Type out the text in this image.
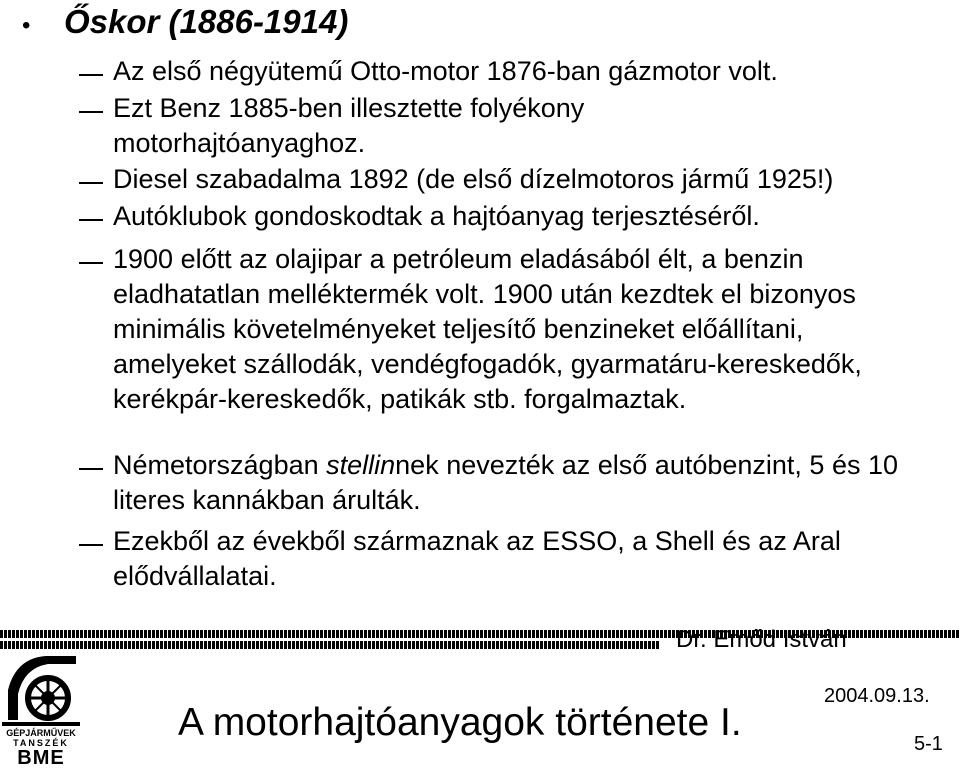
•	Őskor (1886-1914)
Az első négyütemű Otto-motor 1876-ban gázmotor volt.
Ezt Benz 1885-ben illesztette folyékony motorhajtóanyaghoz.
Diesel szabadalma 1892 (de első dízelmotoros jármű 1925!)
Autóklubok gondoskodtak a hajtóanyag terjesztéséről.
1900 előtt az olajipar a petróleum eladásából élt, a benzin eladhatatlan melléktermék volt. 1900 után kezdtek el bizonyos minimális követelményeket teljesítő benzineket előállítani, amelyeket szállodák, vendégfogadók, gyarmatáru-kereskedők, kerékpár-kereskedők, patikák stb. forgalmaztak.
Németországban stellinnek nevezték az első autóbenzint, 5 és 10 literes kannákban árulták.
Ezekből az évekből származnak az ESSO, a Shell és az Aral elődvállalatai.
Dr. Emőd István
GÉPJÁRMŰVEK
TANSZÉK
BME
2004.09.13.
A motorhajtóanyagok története I.	5-1
